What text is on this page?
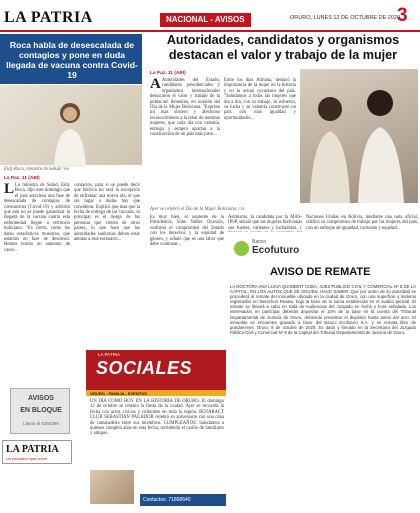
LA PATRIA	NACIONAL - AVISOS	ORURO, LUNES 12 DE OCTUBRE DE 2020
3
Roca habla de desescalada de contagios y pone en duda llegada de vacuna contra Covid-19
Eidy Roca, ministra de Salud / vw
La Paz, 11 (ABI)
L La ministra de Salud, Eidy Roca, dijo este domingo que el país atraviesa una fase de desescalada de contagios de coronavirus (Covid-19) y advirtió que aún no se puede garantizar la llegada de la vacuna contra esta enfermedad llegue a territorio boliviano. "Es cierto, como los datos estadísticos muestran, que estamos en fase de descenso. Hemos tenido un aumento de casos...
contactos, para si se puede decir que Bolivia no será la excepción de enfrentar una nueva ola, el que sin lugar a dudas hay que considerar. Explicó que mas que la fecha de entrega de las vacunas, lo principal es el riesgo de las personas que vienen de otros países, lo que hace que las autoridades sanitarias deban estar atentas a este escenario...
AVISOS
EN BLOQUE
Llame al 5254399
LA PATRIA
Un periódico que crece
Autoridades, candidatos y organismos destacan el valor y trabajo de la mujer
La Paz, 11 (ABI)
A Autoridades del Estado, candidatos presidenciales y organismos internacionales destacaron el valor y trabajo de la población femenina, en ocasión del Día de la Mujer Boliviana. "Expreso mi mas sincero y afectuoso reconocimiento a la labor de nuestras mujeres, que cada día con valentía, entrega y esmero aportan a la construcción de un país más justo...
Entre los días Adriana, destacó la importancia de la mujer en la historia y en la actual coyuntura del país. "Saludamos a todas las mujeres que día a día, con su trabajo, su esfuerzo, su lucha y su valentía construyen un país con más igualdad y oportunidades...
Ayer se celebró el Día de la Mujer Boliviana. / ts
Es muy bien, el asistente de la Presidencia, Yohn Núñez Oyarzún, reafirmó el compromiso del Estado con los derechos y la equidad de género, y señaló que es una labor que debe continuar...
Asimismo, la candidata por la MAS-IPSP, señaló que las mujeres bolivianas son fuertes, valientes y luchadoras, y
Naciones Unidas en Bolivia, mediante una nota oficial, ratificó su compromiso de trabajo por las mujeres del país, con un enfoque de igualdad, inclusión y equidad...
LA PATRIA
SOCIALES
ORURO - FAMILIA - EVENTOS
UN DÍA COMO HOY EN LA HISTORIA DE ORURO. El domingo 12 de octubre se celebra la fiesta de la ciudad. Ayer se recuerda la fecha con actos cívicos y culturales en toda la región. ROTARACT CLUB SEBASTIAN PAGADOR celebró su aniversario con una cena de camaradería entre sus miembros. CUMPLEAÑOS: Saludamos a quienes cumplen años en esta fecha, recibiendo el cariño de familiares y amigos.
Contactos: 71868640
Banco
Ecofuturo
AVISO DE REMATE
LA DOCTORA ANA LUCIA QUISBERT CUBA, JUEZ PÚBLICO CIVIL Y COMERCIAL Nº 8 DE LA CAPITAL, EN LOS AUTOS QUE SE SIGUEN, HACE SABER: Que por orden de su autoridad se procederá al remate del inmueble ubicado en la ciudad de Oruro, con una superficie y linderos registrados en Derechos Reales, bajo la base de la suma establecida en el avalúo pericial. El remate se llevará a cabo en Sala de Audiencias del Juzgado en fecha y hora señalada. Los interesados en participar deberán depositar el 10% de la base en la cuenta del Tribunal Departamental de Justicia de Oruro, debiendo presentar el depósito hasta antes del acto. El inmueble se encuentra gravado a favor del Banco Ecofuturo S.A. y se remata libre de gravámenes. Oruro, 9 de octubre de 2020. Es dado y firmado en la Secretaría del Juzgado Público Civil y Comercial Nº 8 de la Capital del Tribunal Departamental de Justicia de Oruro.
